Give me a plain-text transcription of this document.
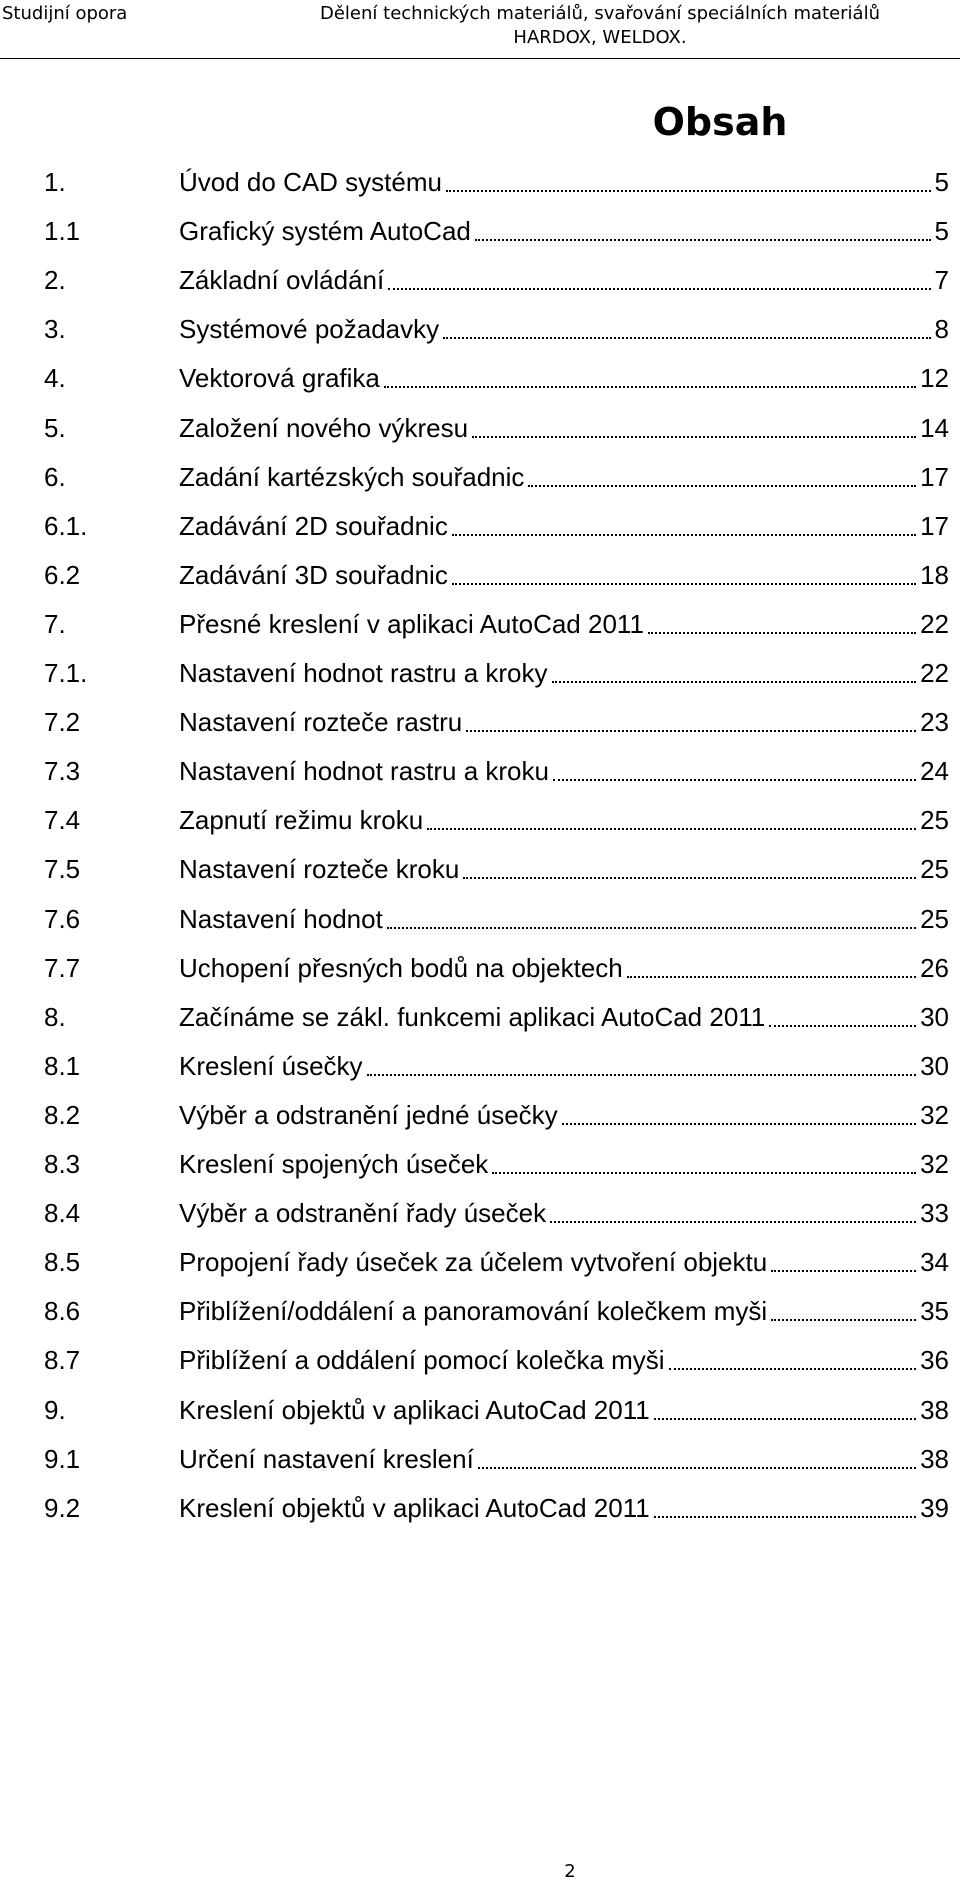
Studijní opora	Dělení technických materiálů, svařování speciálních materiálů
HARDOX, WELDOX.
Obsah
1.	Úvod do CAD systému	5
1.1	Grafický systém AutoCad	5
2.	Základní ovládání	7
3.	Systémové požadavky	8
4.	Vektorová grafika	12
5.	Založení nového výkresu	14
6.	Zadání kartézských souřadnic	17
6.1.	Zadávání 2D souřadnic	17
6.2	Zadávání 3D souřadnic	18
7.	Přesné kreslení v aplikaci AutoCad 2011	22
7.1.	Nastavení hodnot rastru a kroky	22
7.2	Nastavení rozteče rastru	23
7.3	Nastavení hodnot rastru a kroku	24
7.4	Zapnutí režimu kroku	25
7.5	Nastavení rozteče kroku	25
7.6	Nastavení hodnot	25
7.7	Uchopení přesných bodů na objektech	26
8.	Začínáme se zákl. funkcemi aplikaci AutoCad 2011	30
8.1	Kreslení úsečky	30
8.2	Výběr a odstranění jedné úsečky	32
8.3	Kreslení spojených úseček	32
8.4	Výběr a odstranění řady úseček	33
8.5	Propojení řady úseček za účelem vytvoření objektu	34
8.6	Přiblížení/oddálení a panoramování kolečkem myši	35
8.7	Přiblížení a oddálení pomocí kolečka myši	36
9.	Kreslení objektů v aplikaci AutoCad 2011	38
9.1	Určení nastavení kreslení	38
9.2	Kreslení objektů v aplikaci AutoCad 2011	39
2
